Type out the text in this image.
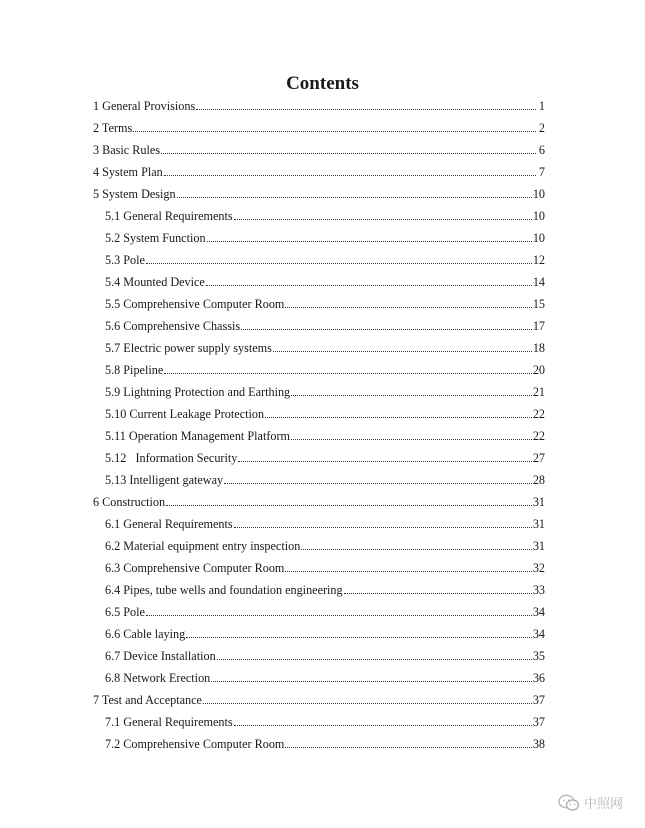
Contents
1 General Provisions	1
2 Terms	2
3 Basic Rules	6
4 System Plan	7
5 System Design	10
5.1 General Requirements	10
5.2 System Function	10
5.3 Pole	12
5.4 Mounted Device	14
5.5 Comprehensive Computer Room	15
5.6 Comprehensive Chassis	17
5.7 Electric power supply systems	18
5.8 Pipeline	20
5.9 Lightning Protection and Earthing	21
5.10 Current Leakage Protection	22
5.11 Operation Management Platform	22
5.12   Information Security	27
5.13 Intelligent gateway	28
6 Construction	31
6.1 General Requirements	31
6.2 Material equipment entry inspection	31
6.3 Comprehensive Computer Room	32
6.4 Pipes, tube wells and foundation engineering	33
6.5 Pole	34
6.6 Cable laying	34
6.7 Device Installation	35
6.8 Network Erection	36
7 Test and Acceptance	37
7.1 General Requirements	37
7.2 Comprehensive Computer Room	38
中照网
